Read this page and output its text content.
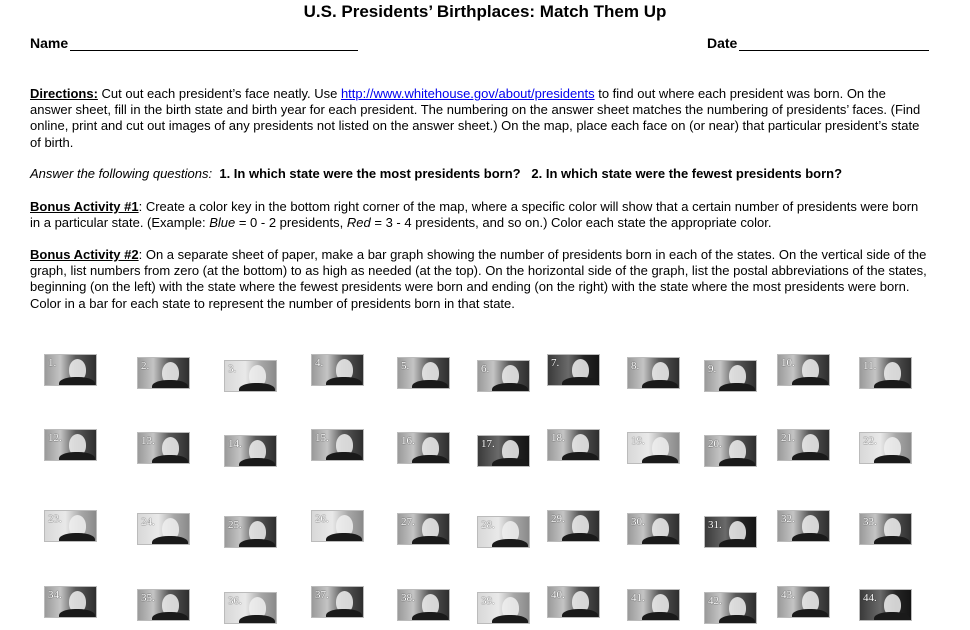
U.S. Presidents’ Birthplaces: Match Them Up
Name	Date
Directions: Cut out each president’s face neatly. Use http://www.whitehouse.gov/about/presidents to find out where each president was born. On the answer sheet, fill in the birth state and birth year for each president. The numbering on the answer sheet matches the numbering of presidents’ faces. (Find online, print and cut out images of any presidents not listed on the answer sheet.) On the map, place each face on (or near) that particular president’s state of birth.
Answer the following questions: 1. In which state were the most presidents born? 2. In which state were the fewest presidents born?
Bonus Activity #1: Create a color key in the bottom right corner of the map, where a specific color will show that a certain number of presidents were born in a particular state. (Example: Blue = 0 - 2 presidents, Red = 3 - 4 presidents, and so on.) Color each state the appropriate color.
Bonus Activity #2: On a separate sheet of paper, make a bar graph showing the number of presidents born in each of the states. On the vertical side of the graph, list numbers from zero (at the bottom) to as high as needed (at the top). On the horizontal side of the graph, list the postal abbreviations of the states, beginning (on the left) with the state where the fewest presidents were born and ending (on the right) with the state where the most presidents were born. Color in a bar for each state to represent the number of presidents born in that state.
1.	2.	3.	4.	5.	6.	7.	8.	9.	10.	11.
12.	13.	14.	15.	16.	17.	18.	19.	20.	21.	22.
23.	24.	25.	26.	27.	28.	29.	30.	31.	32.	33.
34.	35.	36.	37.	38.	39.	40.	41.	42.	43.	44.
